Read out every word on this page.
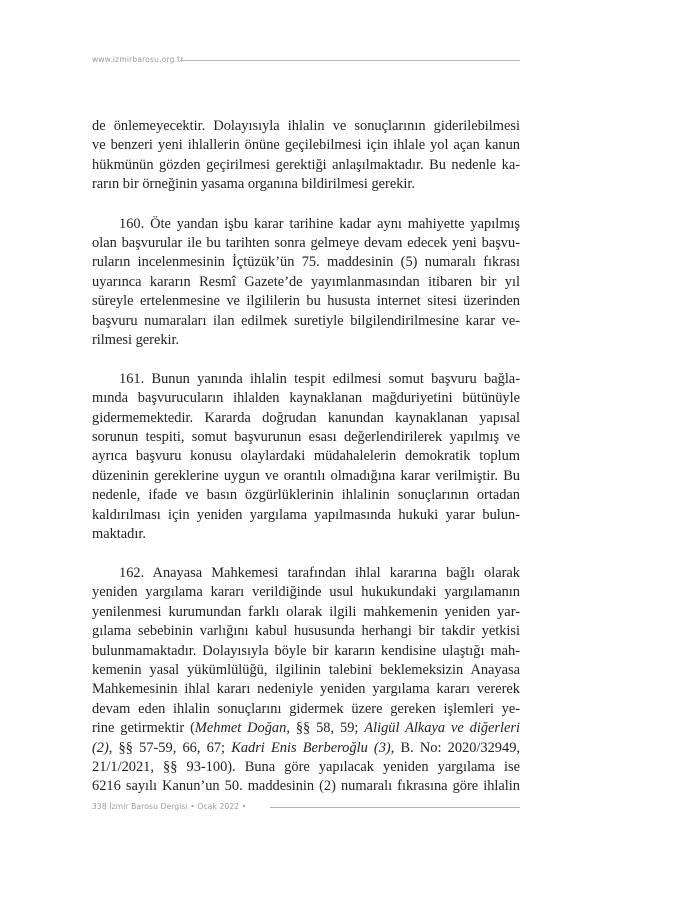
www.izmirbarosu.org.tr
de önlemeyecektir. Dolayısıyla ihlalin ve sonuçlarının giderilebilmesi
ve benzeri yeni ihlallerin önüne geçilebilmesi için ihlale yol açan kanun
hükmünün gözden geçirilmesi gerektiği anlaşılmaktadır. Bu nedenle ka-
rarın bir örneğinin yasama organına bildirilmesi gerekir.
160. Öte yandan işbu karar tarihine kadar aynı mahiyette yapılmış
olan başvurular ile bu tarihten sonra gelmeye devam edecek yeni başvu-
ruların incelenmesinin İçtüzük’ün 75. maddesinin (5) numaralı fıkrası
uyarınca kararın Resmî Gazete’de yayımlanmasından itibaren bir yıl
süreyle ertelenmesine ve ilgililerin bu hususta internet sitesi üzerinden
başvuru numaraları ilan edilmek suretiyle bilgilendirilmesine karar ve-
rilmesi gerekir.
161. Bunun yanında ihlalin tespit edilmesi somut başvuru bağla-
mında başvurucuların ihlalden kaynaklanan mağduriyetini bütünüyle
gidermemektedir. Kararda doğrudan kanundan kaynaklanan yapısal
sorunun tespiti, somut başvurunun esası değerlendirilerek yapılmış ve
ayrıca başvuru konusu olaylardaki müdahalelerin demokratik toplum
düzeninin gereklerine uygun ve orantılı olmadığına karar verilmiştir. Bu
nedenle, ifade ve basın özgürlüklerinin ihlalinin sonuçlarının ortadan
kaldırılması için yeniden yargılama yapılmasında hukuki yarar bulun-
maktadır.
162. Anayasa Mahkemesi tarafından ihlal kararına bağlı olarak
yeniden yargılama kararı verildiğinde usul hukukundaki yargılamanın
yenilenmesi kurumundan farklı olarak ilgili mahkemenin yeniden yar-
gılama sebebinin varlığını kabul hususunda herhangi bir takdir yetkisi
bulunmamaktadır. Dolayısıyla böyle bir kararın kendisine ulaştığı mah-
kemenin yasal yükümlülüğü, ilgilinin talebini beklemeksizin Anayasa
Mahkemesinin ihlal kararı nedeniyle yeniden yargılama kararı vererek
devam eden ihlalin sonuçlarını gidermek üzere gereken işlemleri ye-
rine getirmektir (Mehmet Doğan, §§ 58, 59; Aligül Alkaya ve diğerleri
(2), §§ 57-59, 66, 67; Kadri Enis Berberoğlu (3), B. No: 2020/32949,
21/1/2021, §§ 93-100). Buna göre yapılacak yeniden yargılama ise
6216 sayılı Kanun’un 50. maddesinin (2) numaralı fıkrasına göre ihlalin
338 İzmir Barosu Dergisi • Ocak 2022 •
